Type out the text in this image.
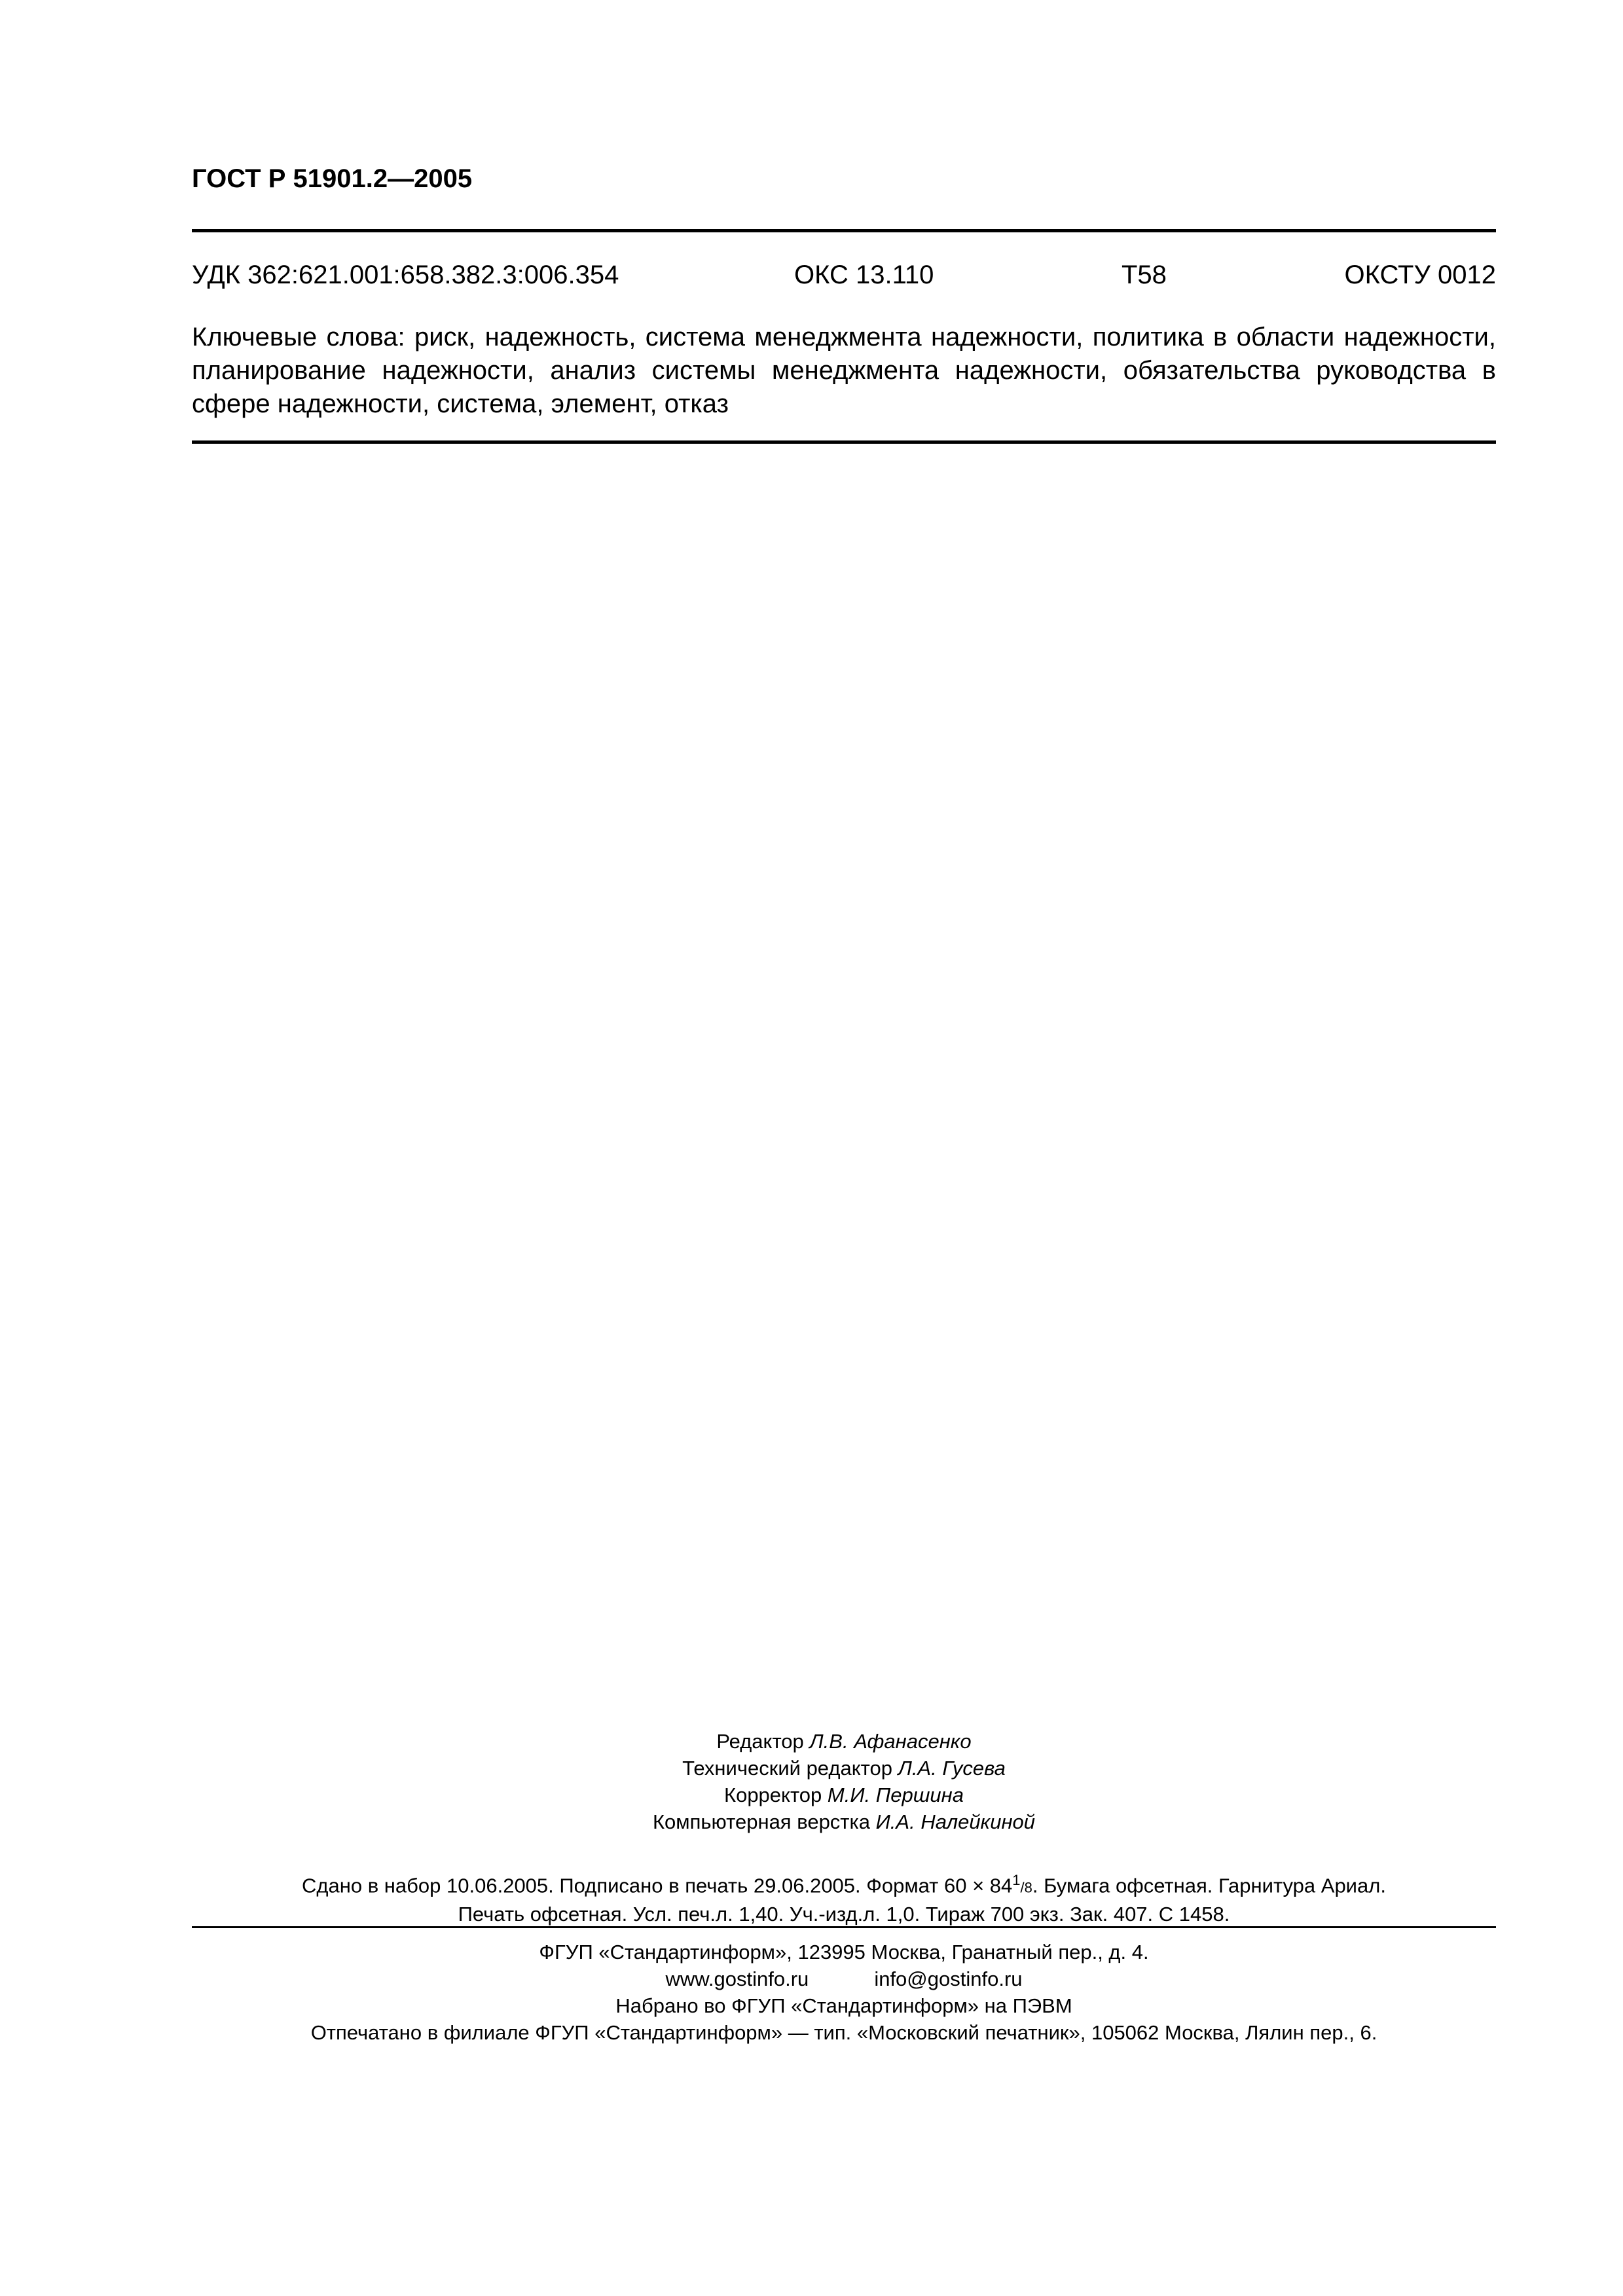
ГОСТ Р 51901.2—2005
УДК 362:621.001:658.382.3:006.354	ОКС 13.110	Т58	ОКСТУ 0012
Ключевые слова: риск, надежность, система менеджмента надежности, политика в области надежности, планирование надежности, анализ системы менеджмента надежности, обязательства руководства в сфере надежности, система, элемент, отказ
Редактор Л.В. Афанасенко
Технический редактор Л.А. Гусева
Корректор М.И. Першина
Компьютерная верстка И.А. Налейкиной
Сдано в набор 10.06.2005. Подписано в печать 29.06.2005. Формат $60 \times 84^1/8$. Бумага офсетная. Гарнитура Ариал.
Печать офсетная. Усл. печ.л. 1,40. Уч.-изд.л. 1,0. Тираж 700 экз. Зак. 407. С 1458.
ФГУП «Стандартинформ», 123995 Москва, Гранатный пер., д. 4.
www.gostinfo.ru	info@gostinfo.ru
Набрано во ФГУП «Стандартинформ» на ПЭВМ
Отпечатано в филиале ФГУП «Стандартинформ» — тип. «Московский печатник», 105062 Москва, Лялин пер., 6.
